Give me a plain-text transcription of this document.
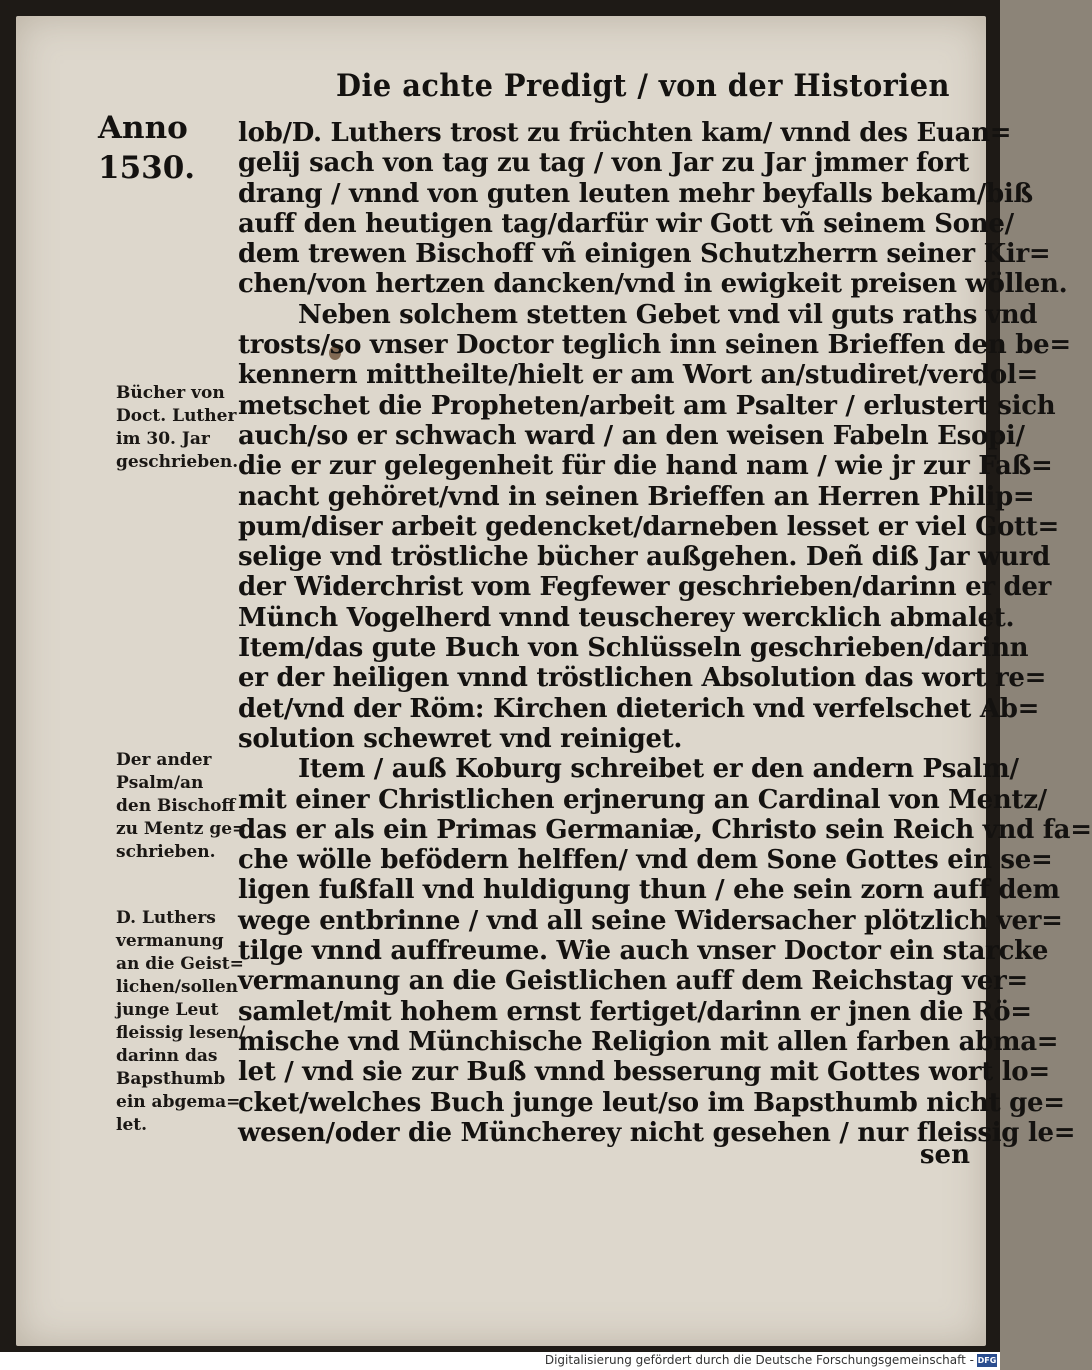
Die achte Predigt / von der Historien
Anno
1530.
lob/D. Luthers trost zu früchten kam/ vnnd des Euan=
gelij sach von tag zu tag / von Jar zu Jar jmmer fort
drang / vnnd von guten leuten mehr beyfalls bekam/biß
auff den heutigen tag/darfür wir Gott vñ seinem Sone/
dem trewen Bischoff vñ einigen Schutzherrn seiner Kir=
chen/von hertzen dancken/vnd in ewigkeit preisen wöllen.
Neben solchem stetten Gebet vnd vil guts raths vnd
trosts/so vnser Doctor teglich inn seinen Brieffen den be=
kennern mittheilte/hielt er am Wort an/studiret/verdol=
metschet die Propheten/arbeit am Psalter / erlustert sich
auch/so er schwach ward / an den weisen Fabeln Esopi/
die er zur gelegenheit für die hand nam / wie jr zur Faß=
nacht gehöret/vnd in seinen Brieffen an Herren Philip=
pum/diser arbeit gedencket/darneben lesset er viel Gott=
selige vnd tröstliche bücher außgehen. Deñ diß Jar wurd
der Widerchrist vom Fegfewer geschrieben/darinn er der
Münch Vogelherd vnnd teuscherey wercklich abmalet.
Item/das gute Buch von Schlüsseln geschrieben/darinn
er der heiligen vnnd tröstlichen Absolution das wort re=
det/vnd der Röm: Kirchen dieterich vnd verfelschet Ab=
solution schewret vnd reiniget.
Item / auß Koburg schreibet er den andern Psalm/
mit einer Christlichen erjnerung an Cardinal von Mentz/
das er als ein Primas Germaniæ, Christo sein Reich vnd fa=
che wölle befödern helffen/ vnd dem Sone Gottes ein se=
ligen fußfall vnd huldigung thun / ehe sein zorn auff dem
wege entbrinne / vnd all seine Widersacher plötzlich ver=
tilge vnnd auffreume. Wie auch vnser Doctor ein starcke
vermanung an die Geistlichen auff dem Reichstag ver=
samlet/mit hohem ernst fertiget/darinn er jnen die Rö=
mische vnd Münchische Religion mit allen farben abma=
let / vnd sie zur Buß vnnd besserung mit Gottes wort lo=
cket/welches Buch junge leut/so im Bapsthumb nicht ge=
wesen/oder die Müncherey nicht gesehen / nur fleissig le=
Bücher von
Doct. Luther
im 30. Jar
geschrieben.
Der ander
Psalm/an
den Bischoff
zu Mentz ge=
schrieben.
D. Luthers
vermanung
an die Geist=
lichen/sollen
junge Leut
fleissig lesen/
darinn das
Bapsthumb
ein abgema=
let.
sen
Digitalisierung gefördert durch die Deutsche Forschungsgemeinschaft - DFG
